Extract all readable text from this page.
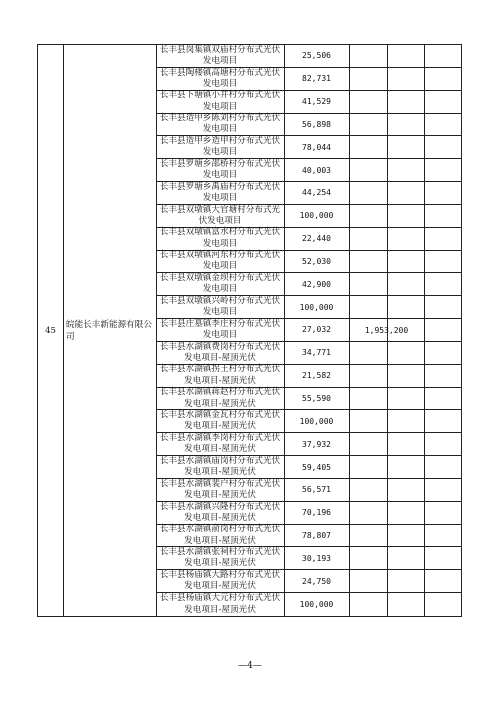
长丰县岗集镇双庙村分布式光伏发电项目
25,506
长丰县陶楼镇高塘村分布式光伏发电项目
82,731
长丰县下塘镇小井村分布式光伏发电项目
41,529
长丰县造甲乡陈刘村分布式光伏发电项目
56,898
长丰县造甲乡造甲村分布式光伏发电项目
78,044
长丰县罗塘乡邵桥村分布式光伏发电项目
40,003
长丰县罗塘乡禹庙村分布式光伏发电项目
44,254
长丰县双墩镇大官塘村分布式光伏发电项目
100,000
长丰县双墩镇富水村分布式光伏发电项目
22,440
长丰县双墩镇河东村分布式光伏发电项目
52,030
长丰县双墩镇金坝村分布式光伏发电项目
42,900
长丰县双墩镇兴岭村分布式光伏发电项目
100,000
长丰县庄墓镇李庄村分布式光伏发电项目
27,032
长丰县水湖镇费岗村分布式光伏发电项目-屋顶光伏
34,771
长丰县水湖镇拐王村分布式光伏发电项目-屋顶光伏
21,582
长丰县水湖镇蒋赵村分布式光伏发电项目-屋顶光伏
55,590
长丰县水湖镇金瓦村分布式光伏发电项目-屋顶光伏
100,000
长丰县水湖镇李岗村分布式光伏发电项目-屋顶光伏
37,932
长丰县水湖镇庙岗村分布式光伏发电项目-屋顶光伏
59,405
长丰县水湖镇裴户村分布式光伏发电项目-屋顶光伏
56,571
长丰县水湖镇兴隆村分布式光伏发电项目-屋顶光伏
70,196
长丰县水湖镇俞岗村分布式光伏发电项目-屋顶光伏
78,807
长丰县水湖镇张祠村分布式光伏发电项目-屋顶光伏
30,193
长丰县杨庙镇大路村分布式光伏发电项目-屋顶光伏
24,750
长丰县杨庙镇大元村分布式光伏发电项目-屋顶光伏	100,000
45
皖能长丰新能源有限公司
1,953,200
—4—
